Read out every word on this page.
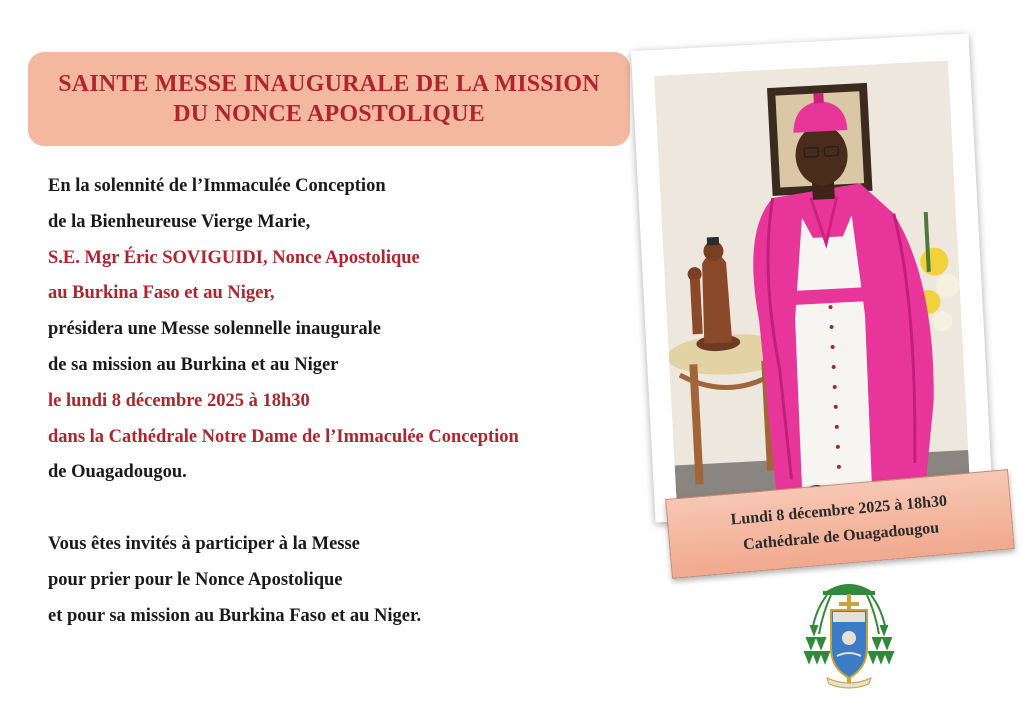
SAINTE MESSE INAUGURALE DE LA MISSION
DU NONCE APOSTOLIQUE
En la solennité de l’Immaculée Conception
de la Bienheureuse Vierge Marie,
S.E. Mgr Éric SOVIGUIDI, Nonce Apostolique
au Burkina Faso et au Niger,
présidera une Messe solennelle inaugurale
de sa mission au Burkina et au Niger
le lundi 8 décembre 2025 à 18h30
dans la Cathédrale Notre Dame de l’Immaculée Conception
de Ouagadougou.
Vous êtes invités à participer à la Messe
pour prier pour le Nonce Apostolique
et pour sa mission au Burkina Faso et au Niger.
Lundi 8 décembre 2025 à 18h30
Cathédrale de Ouagadougou
